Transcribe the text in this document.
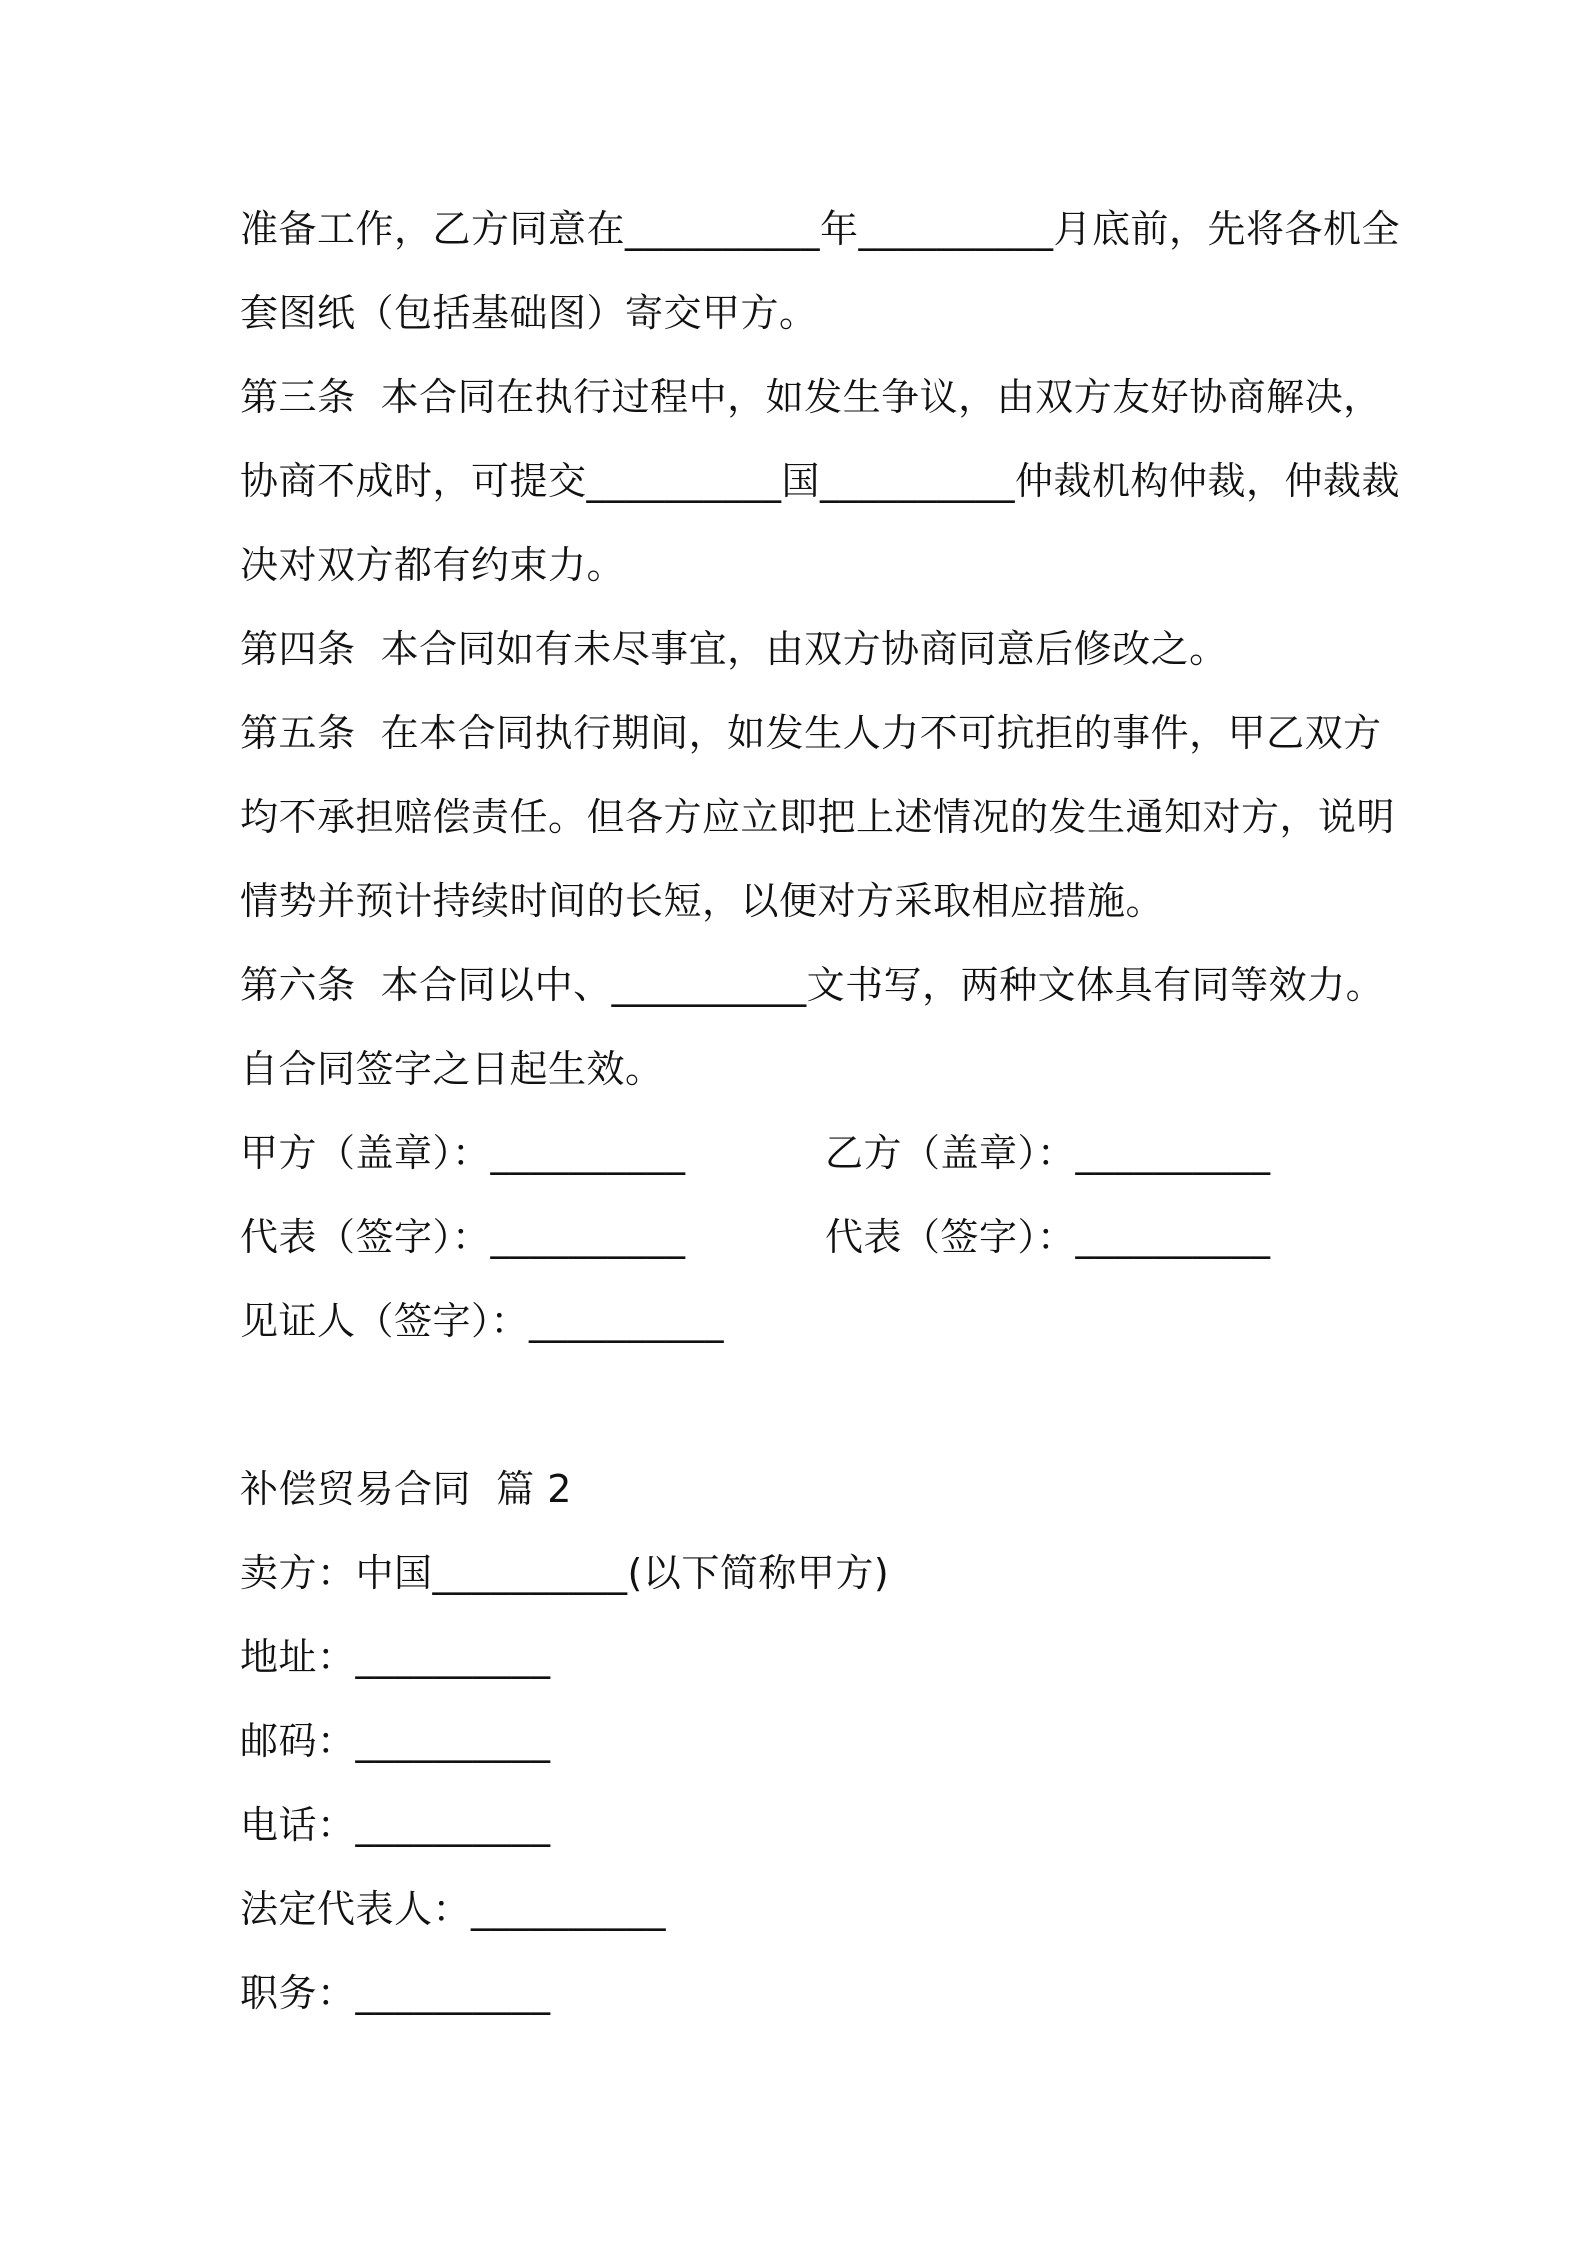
准备工作，乙方同意在__________年__________月底前，先将各机全
套图纸（包括基础图）寄交甲方。
第三条  本合同在执行过程中，如发生争议，由双方友好协商解决，
协商不成时，可提交__________国__________仲裁机构仲裁，仲裁裁
决对双方都有约束力。
第四条  本合同如有未尽事宜，由双方协商同意后修改之。
第五条  在本合同执行期间，如发生人力不可抗拒的事件，甲乙双方
均不承担赔偿责任。但各方应立即把上述情况的发生通知对方，说明
情势并预计持续时间的长短，以便对方采取相应措施。
第六条  本合同以中、__________文书写，两种文体具有同等效力。
自合同签字之日起生效。
甲方（盖章）：__________	乙方（盖章）：__________
代表（签字）：__________	代表（签字）：__________
见证人（签字）：__________
补偿贸易合同  篇 2
卖方：中国__________(以下简称甲方)
地址：__________
邮码：__________
电话：__________
法定代表人：__________
职务：__________
